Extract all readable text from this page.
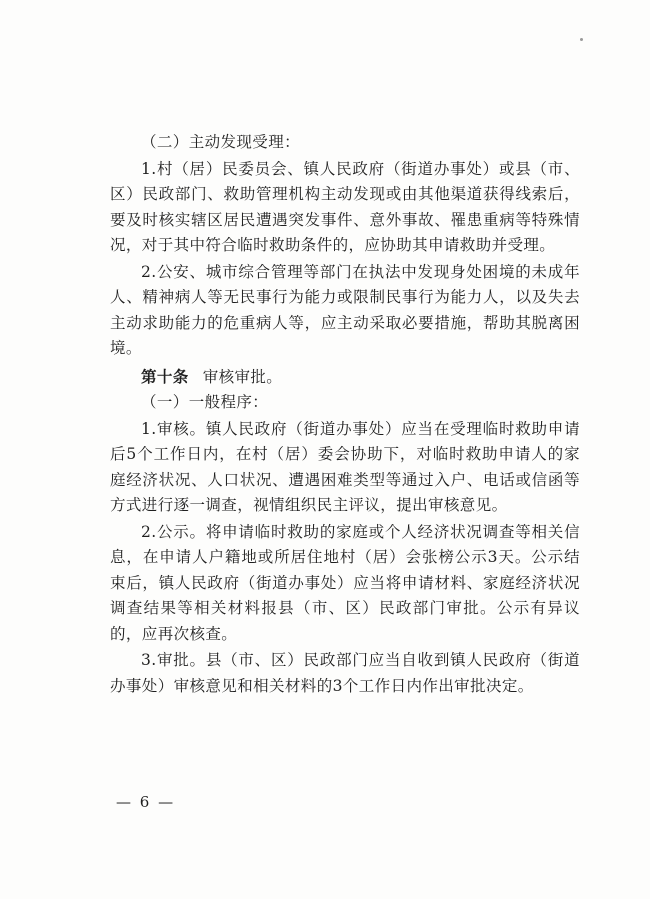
（二）主动发现受理：

1.村（居）民委员会、镇人民政府（街道办事处）或县（市、区）民政部门、救助管理机构主动发现或由其他渠道获得线索后，要及时核实辖区居民遭遇突发事件、意外事故、罹患重病等特殊情况，对于其中符合临时救助条件的，应协助其申请救助并受理。

2.公安、城市综合管理等部门在执法中发现身处困境的未成年人、精神病人等无民事行为能力或限制民事行为能力人，以及失去主动求助能力的危重病人等，应主动采取必要措施，帮助其脱离困境。

第十条 审核审批。

（一）一般程序：

1.审核。镇人民政府（街道办事处）应当在受理临时救助申请后5个工作日内，在村（居）委会协助下，对临时救助申请人的家庭经济状况、人口状况、遭遇困难类型等通过入户、电话或信函等方式进行逐一调查，视情组织民主评议，提出审核意见。

2.公示。将申请临时救助的家庭或个人经济状况调查等相关信息，在申请人户籍地或所居住地村（居）会张榜公示3天。公示结束后，镇人民政府（街道办事处）应当将申请材料、家庭经济状况调查结果等相关材料报县（市、区）民政部门审批。公示有异议的，应再次核查。

3.审批。县（市、区）民政部门应当自收到镇人民政府（街道办事处）审核意见和相关材料的3个工作日内作出审批决定。

— 6 —
